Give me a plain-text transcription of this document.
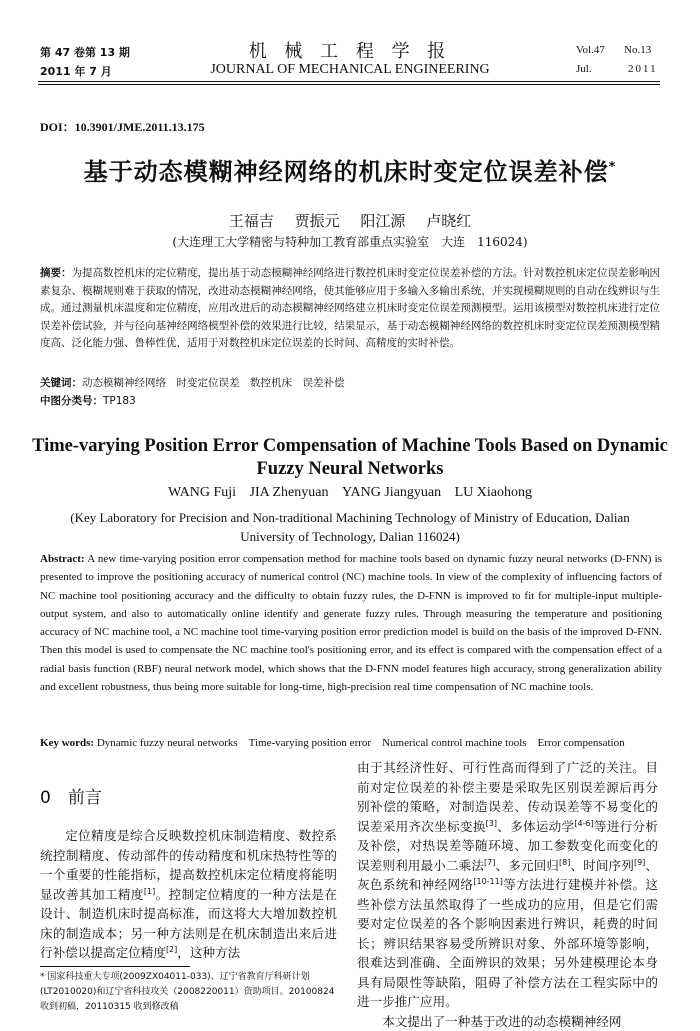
第 47 卷第 13 期
2011 年 7 月
机 械 工 程 学 报
JOURNAL OF MECHANICAL ENGINEERING
Vol.47 No.13
Jul.	2011
DOI：10.3901/JME.2011.13.175
基于动态模糊神经网络的机床时变定位误差补偿*
王福吉 贾振元 阳江源 卢晓红
(大连理工大学精密与特种加工教育部重点实验室　大连　116024)
摘要：为提高数控机床的定位精度，提出基于动态模糊神经网络进行数控机床时变定位误差补偿的方法。针对数控机床定位误差影响因素复杂、模糊规则难于获取的情况，改进动态模糊神经网络，使其能够应用于多输入多输出系统，并实现模糊规则的自动在线辨识与生成。通过测量机床温度和定位精度，应用改进后的动态模糊神经网络建立机床时变定位误差预测模型。运用该模型对数控机床进行定位误差补偿试验，并与径向基神经网络模型补偿的效果进行比较，结果显示，基于动态模糊神经网络的数控机床时变定位误差预测模型精度高、泛化能力强、鲁棒性优，适用于对数控机床定位误差的长时间、高精度的实时补偿。
关键词：动态模糊神经网络  时变定位误差  数控机床  误差补偿
中图分类号：TP183
Time-varying Position Error Compensation of Machine Tools Based on Dynamic Fuzzy Neural Networks
WANG Fuji JIA Zhenyuan YANG Jiangyuan LU Xiaohong
(Key Laboratory for Precision and Non-traditional Machining Technology of Ministry of Education, Dalian University of Technology, Dalian 116024)
Abstract: A new time-varying position error compensation method for machine tools based on dynamic fuzzy neural networks (D-FNN) is presented to improve the positioning accuracy of numerical control (NC) machine tools. In view of the complexity of influencing factors of NC machine tool positioning accuracy and the difficulty to obtain fuzzy rules, the D-FNN is improved to fit for multiple-input multiple-output system, and also to automatically online identify and generate fuzzy rules. Through measuring the temperature and positioning accuracy of NC machine tool, a NC machine tool time-varying position error prediction model is build on the basis of the improved D-FNN. Then this model is used to compensate the NC machine tool's positioning error, and its effect is compared with the compensation effect of a radial basis function (RBF) neural network model, which shows that the D-FNN model features high accuracy, strong generalization ability and excellent robustness, thus being more suitable for long-time, high-precision real time compensation of NC machine tools.
Key words: Dynamic fuzzy neural networks Time-varying position error Numerical control machine tools Error compensation
0  前言

定位精度是综合反映数控机床制造精度、数控系统控制精度、传动部件的传动精度和机床热特性等的一个重要的性能指标，提高数控机床定位精度将能明显改善其加工精度[1]。控制定位精度的一种方法是在设计、制造机床时提高标准，而这将大大增加数控机床的制造成本；另一种方法则是在机床制造出来后进行补偿以提高定位精度[2]，这种方法

* 国家科技重大专项(2009ZX04011-033)、辽宁省教育厅科研计划(LT2010020)和辽宁省科技攻关（2008220011）资助项目。20100824 收到初稿，20110315 收到修改稿

由于其经济性好、可行性高而得到了广泛的关注。目前对定位误差的补偿主要是采取先区别误差源后再分别补偿的策略，对制造误差、传动误差等不易变化的误差采用齐次坐标变换[3]、多体运动学[4-6]等进行分析及补偿，对热误差等随环境、加工参数变化而变化的误差则利用最小二乘法[7]、多元回归[8]、时间序列[9]、灰色系统和神经网络[10-11]等方法进行建模并补偿。这些补偿方法虽然取得了一些成功的应用，但是它们需要对定位误差的各个影响因素进行辨识，耗费的时间长；辨识结果容易受所辨识对象、外部环境等影响，很难达到准确、全面辨识的效果；另外建模理论本身具有局限性等缺陷，阻碍了补偿方法在工程实际中的进一步推广应用。

本文提出了一种基于改进的动态模糊神经网
